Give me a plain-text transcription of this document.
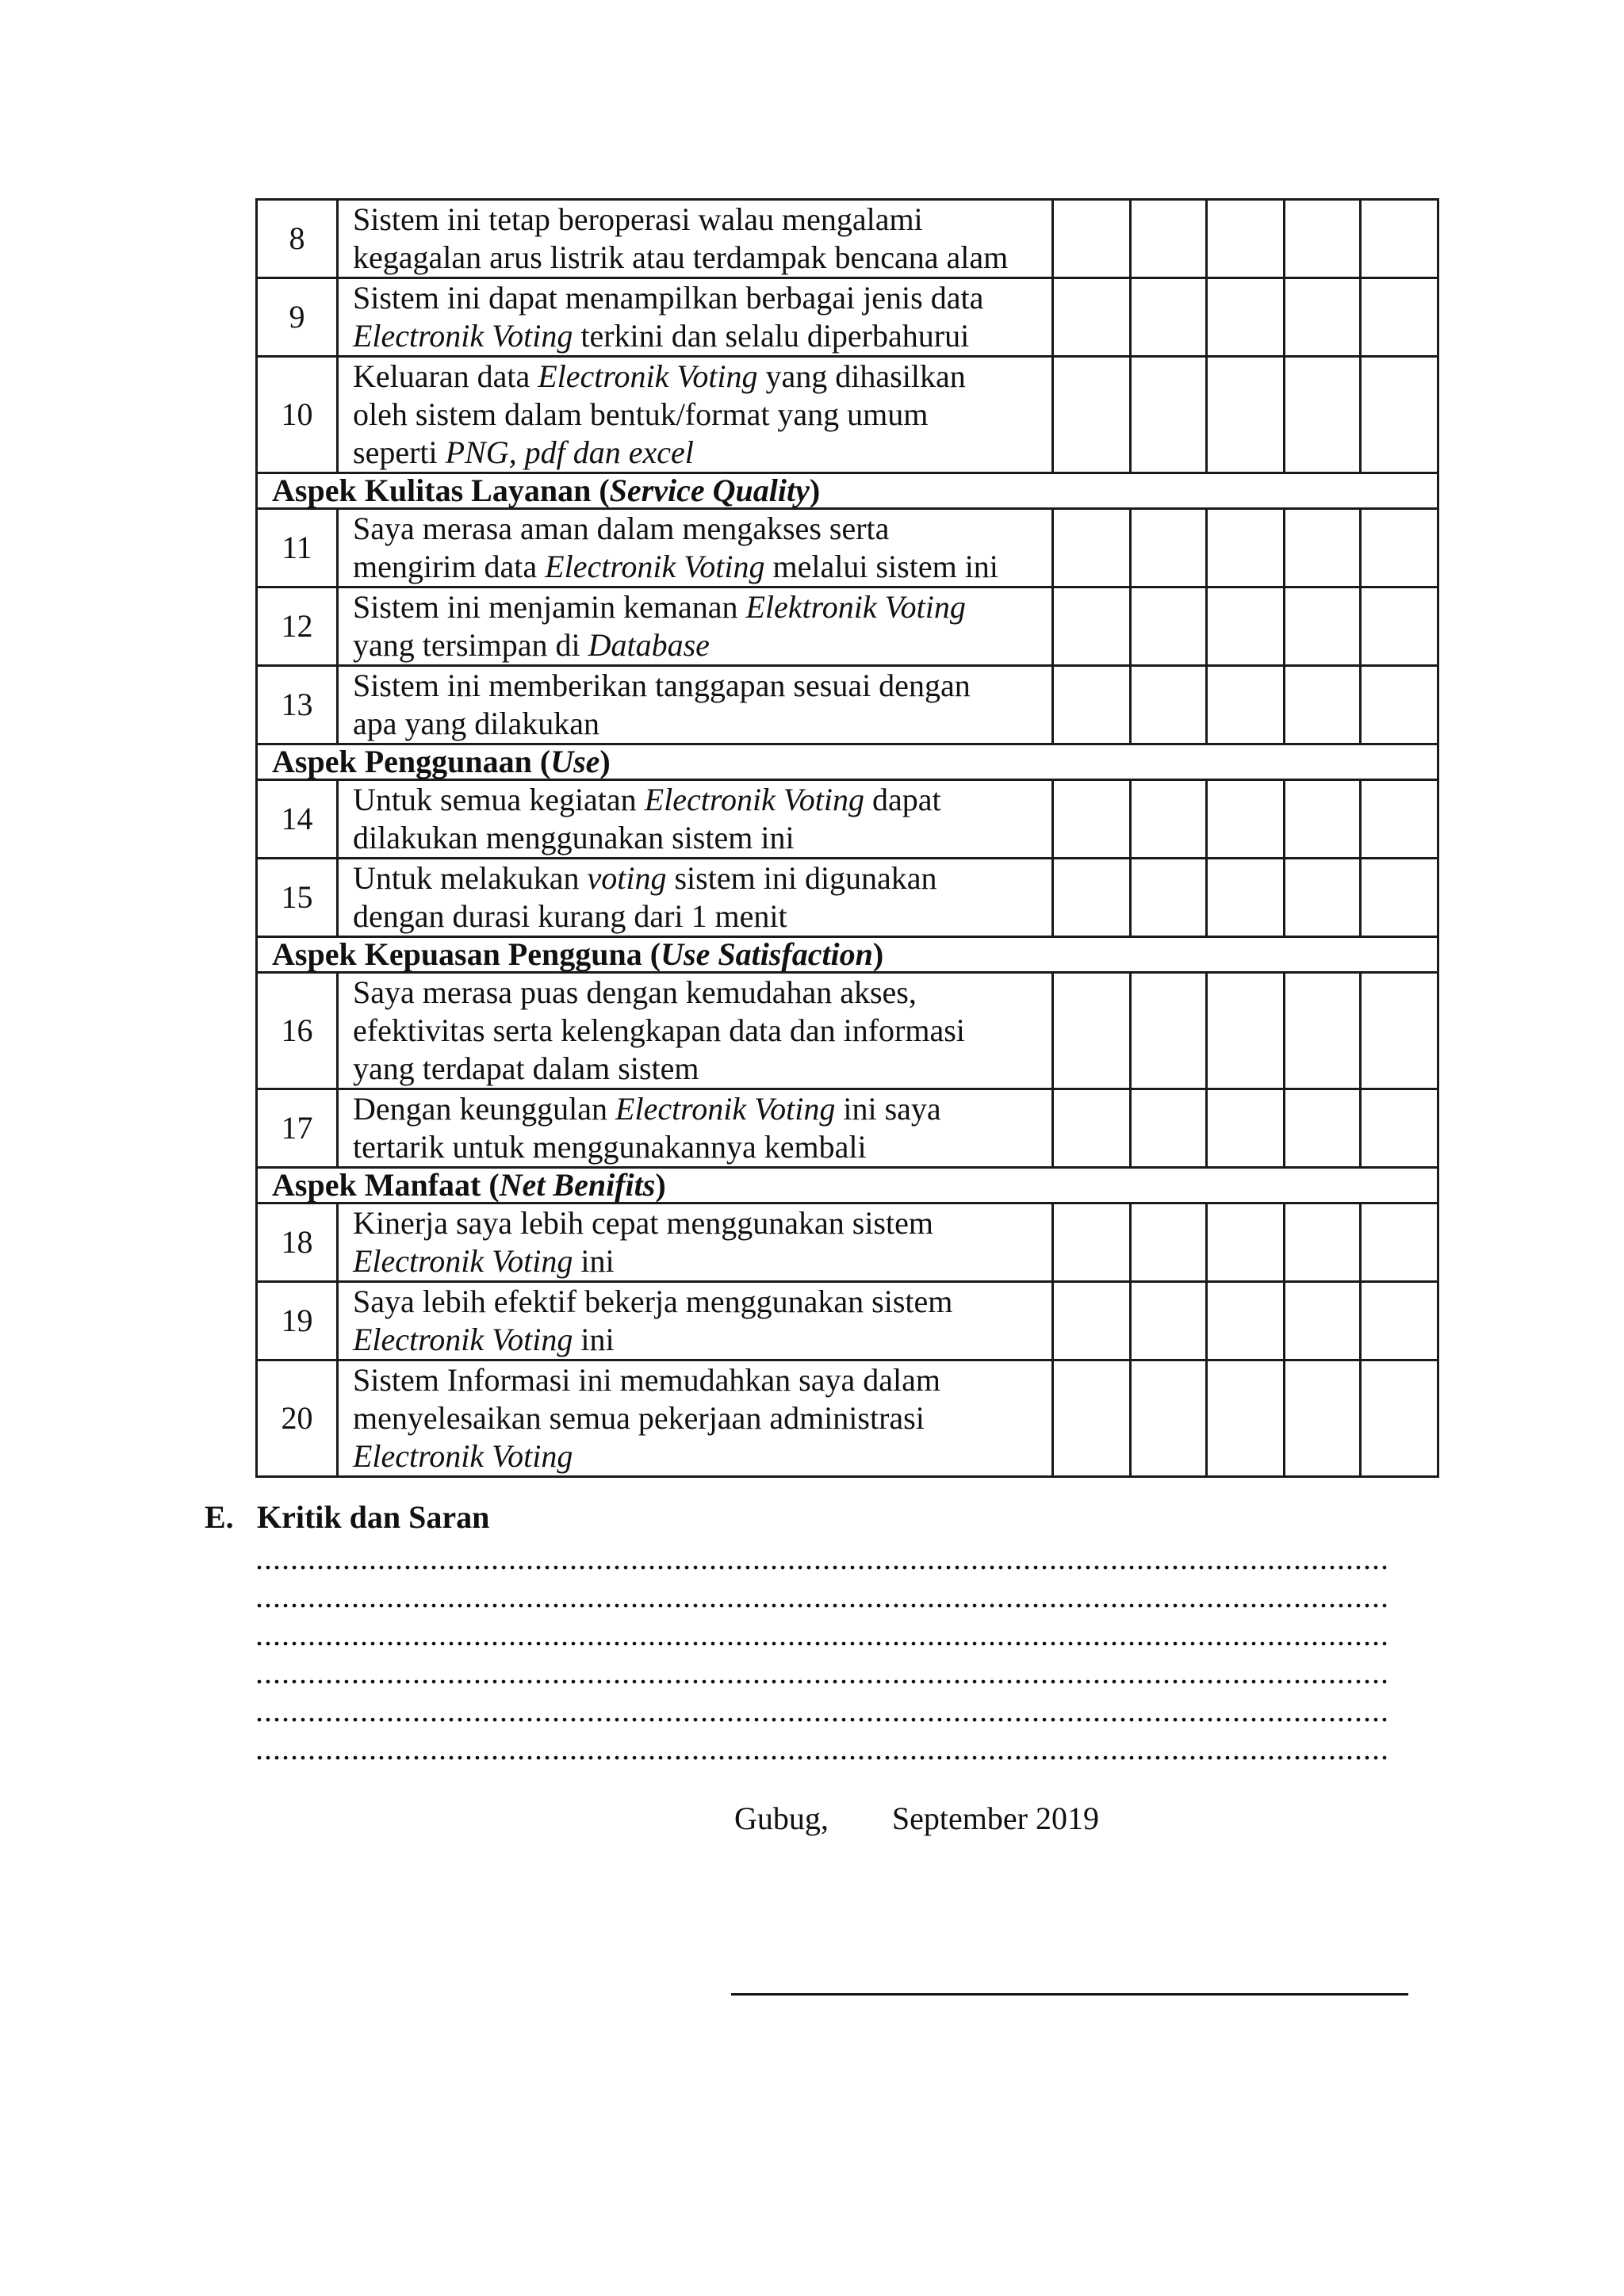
8	Sistem ini tetap beroperasi walau mengalami
kegagalan arus listrik atau terdampak bencana alam					

9	Sistem ini dapat menampilkan berbagai jenis data
Electronik Voting terkini dan selalu diperbahurui					

10	Keluaran data Electronik Voting yang dihasilkan
oleh sistem dalam bentuk/format yang umum
seperti PNG, pdf dan excel					

Aspek Kulitas Layanan (Service Quality)						
11	Saya merasa aman dalam mengakses serta
mengirim data Electronik Voting melalui sistem ini					

12	Sistem ini menjamin kemanan Elektronik Voting
yang tersimpan di Database					

13	Sistem ini memberikan tanggapan sesuai dengan
apa yang dilakukan					

Aspek Penggunaan (Use)						
14	Untuk semua kegiatan Electronik Voting dapat
dilakukan menggunakan sistem ini					

15	Untuk melakukan voting sistem ini digunakan
dengan durasi kurang dari 1 menit					

Aspek Kepuasan Pengguna (Use Satisfaction)						
16	Saya merasa puas dengan kemudahan akses,
efektivitas serta kelengkapan data dan informasi
yang terdapat dalam sistem					

17	Dengan keunggulan Electronik Voting ini saya
tertarik untuk menggunakannya kembali					

Aspek Manfaat (Net Benifits)						
18	Kinerja saya lebih cepat menggunakan sistem
Electronik Voting ini					

19	Saya lebih efektif bekerja menggunakan sistem
Electronik Voting ini					

20	Sistem Informasi ini memudahkan saya dalam
menyelesaikan semua pekerjaan administrasi
Electronik Voting					

E. Kritik dan Saran
..................................................................................................................................
..................................................................................................................................
..................................................................................................................................
..................................................................................................................................
..................................................................................................................................
..................................................................................................................................
Gubug, September 2019
